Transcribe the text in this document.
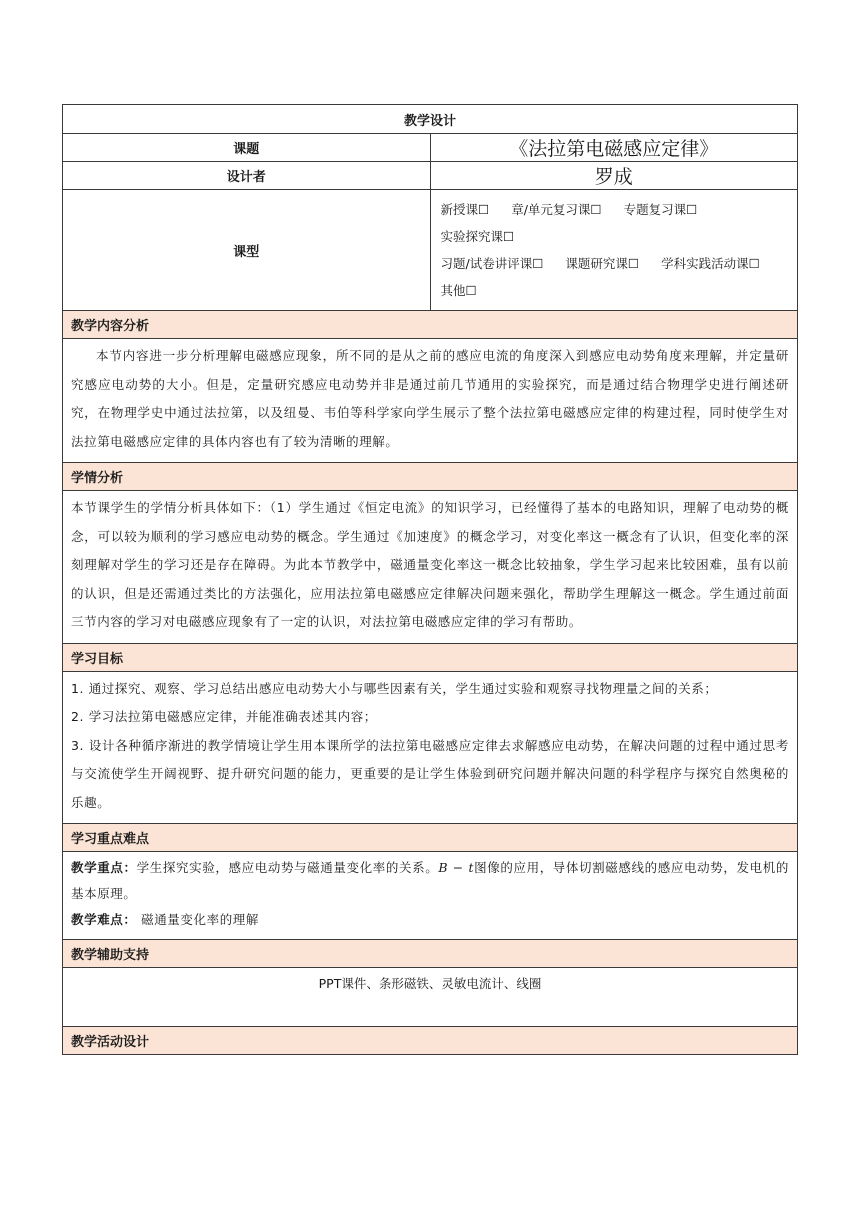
教学设计	
课题	《法拉第电磁感应定律》
设计者	罗成
课型	新授课☐ 章/单元复习课☐ 专题复习课☐ 实验探究课☐
习题/试卷讲评课☐ 课题研究课☐ 学科实践活动课☐ 其他☐

教学内容分析	

本节内容进一步分析理解电磁感应现象，所不同的是从之前的感应电流的角度深入到感应电动势角度来理解，并定量研究感应电动势的大小。但是，定量研究感应电动势并非是通过前几节通用的实验探究，而是通过结合物理学史进行阐述研究，在物理学史中通过法拉第，以及纽曼、韦伯等科学家向学生展示了整个法拉第电磁感应定律的构建过程，同时使学生对法拉第电磁感应定律的具体内容也有了较为清晰的理解。	

学情分析	

本节课学生的学情分析具体如下：（1）学生通过《恒定电流》的知识学习，已经懂得了基本的电路知识，理解了电动势的概念，可以较为顺利的学习感应电动势的概念。学生通过《加速度》的概念学习，对变化率这一概念有了认识，但变化率的深刻理解对学生的学习还是存在障碍。为此本节教学中，磁通量变化率这一概念比较抽象，学生学习起来比较困难，虽有以前的认识，但是还需通过类比的方法强化，应用法拉第电磁感应定律解决问题来强化，帮助学生理解这一概念。学生通过前面三节内容的学习对电磁感应现象有了一定的认识，对法拉第电磁感应定律的学习有帮助。	

学习目标	

1. 通过探究、观察、学习总结出感应电动势大小与哪些因素有关，学生通过实验和观察寻找物理量之间的关系；

2. 学习法拉第电磁感应定律，并能准确表述其内容；

3. 设计各种循序渐进的教学情境让学生用本课所学的法拉第电磁感应定律去求解感应电动势，在解决问题的过程中通过思考与交流使学生开阔视野、提升研究问题的能力，更重要的是让学生体验到研究问题并解决问题的科学程序与探究自然奥秘的乐趣。	

学习重点难点	

教学重点：学生探究实验，感应电动势与磁通量变化率的关系。B − t图像的应用，导体切割磁感线的感应电动势，发电机的基本原理。
教学难点： 磁通量变化率的理解	

教学辅助支持	
PPT课件、条形磁铁、灵敏电流计、线圈	
教学活动设计	
